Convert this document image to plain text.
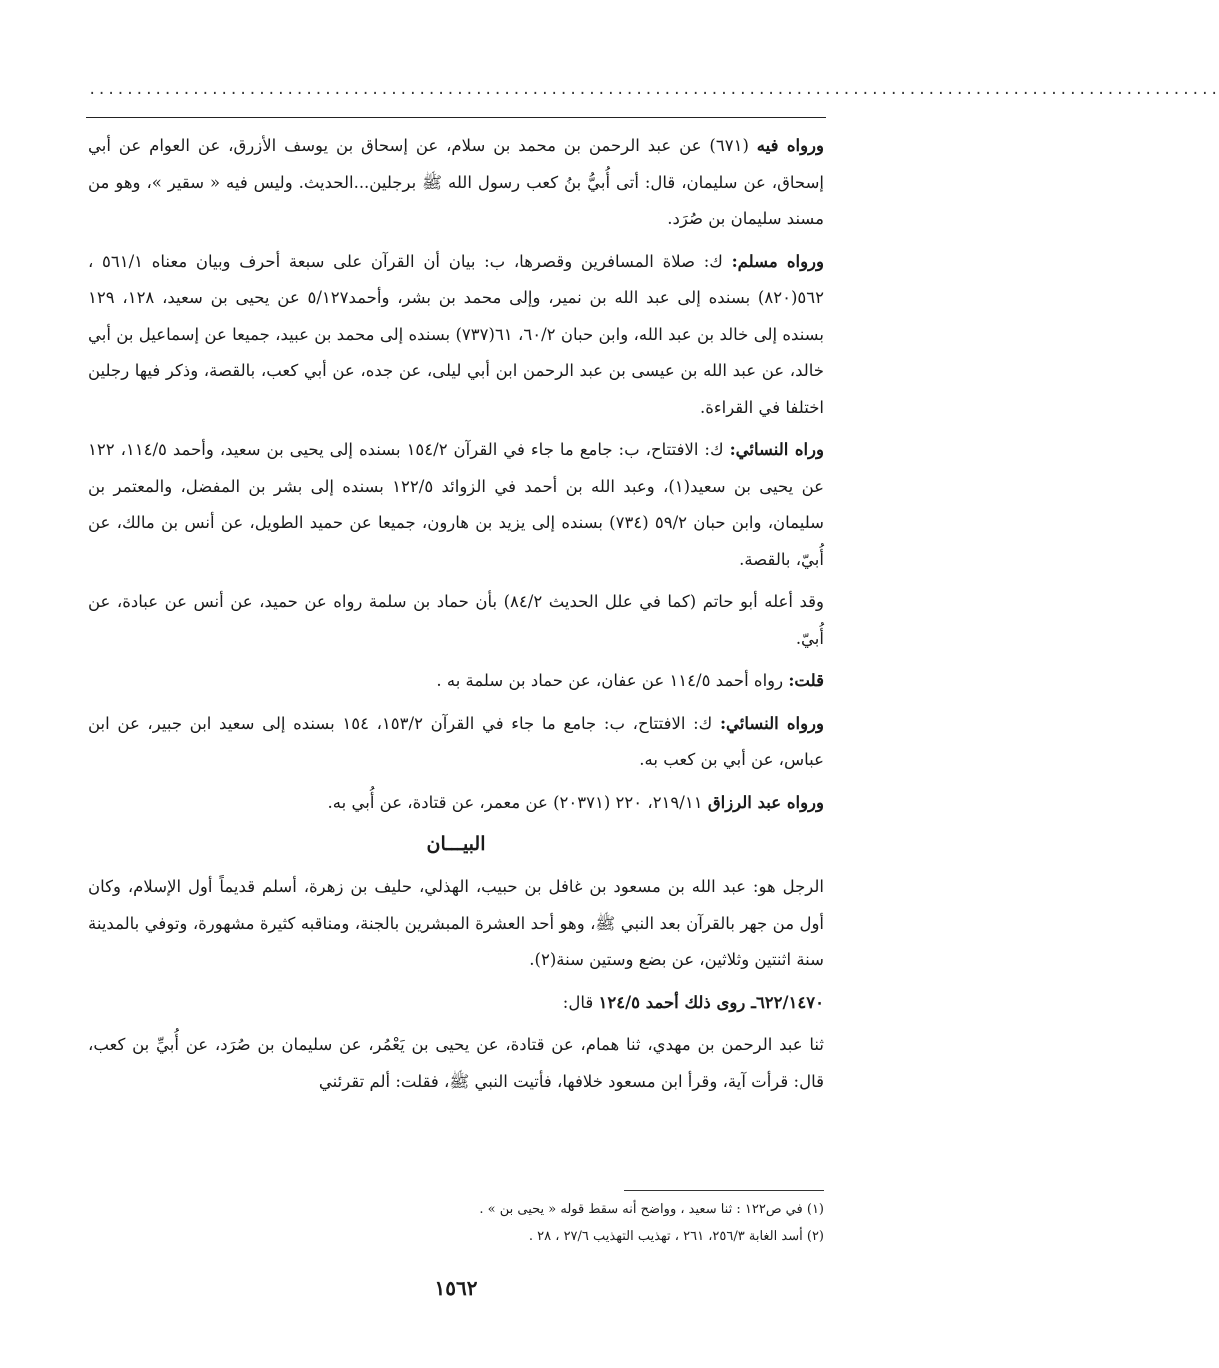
........................................................................................................................

ورواه فيه (٦٧١) عن عبد الرحمن بن محمد بن سلام، عن إسحاق بن يوسف الأزرق، عن العوام عن أبي إسحاق، عن سليمان، قال: أتى أُبيُّ بنُ كعب رسول الله ﷺ برجلين...الحديث. وليس فيه « سقير »، وهو من مسند سليمان بن صُرَد.

ورواه مسلم: ك: صلاة المسافرين وقصرها، ب: بيان أن القرآن على سبعة أحرف وبيان معناه ٥٦١/١ ، ٥٦٢(٨٢٠) بسنده إلى عبد الله بن نمير، وإلى محمد بن بشر، وأحمد٥/١٢٧ عن يحيى بن سعيد، ١٢٨، ١٢٩ بسنده إلى خالد بن عبد الله، وابن حبان ٦٠/٢، ٦١(٧٣٧) بسنده إلى محمد بن عبيد، جميعا عن إسماعيل بن أبي خالد، عن عبد الله بن عيسى بن عبد الرحمن ابن أبي ليلى، عن جده، عن أبي كعب، بالقصة، وذكر فيها رجلين اختلفا في القراءة.

وراه النسائي: ك: الافتتاح، ب: جامع ما جاء في القرآن ١٥٤/٢ بسنده إلى يحيى بن سعيد، وأحمد ١١٤/٥، ١٢٢ عن يحيى بن سعيد(١)، وعبد الله بن أحمد في الزوائد ١٢٢/٥ بسنده إلى بشر بن المفضل، والمعتمر بن سليمان، وابن حبان ٥٩/٢ (٧٣٤) بسنده إلى يزيد بن هارون، جميعا عن حميد الطويل، عن أنس بن مالك، عن أُبيّ، بالقصة.

وقد أعله أبو حاتم (كما في علل الحديث ٨٤/٢) بأن حماد بن سلمة رواه عن حميد، عن أنس عن عبادة، عن أُبيّ.

قلت: رواه أحمد ١١٤/٥ عن عفان، عن حماد بن سلمة به .

ورواه النسائي: ك: الافتتاح، ب: جامع ما جاء في القرآن ١٥٣/٢، ١٥٤ بسنده إلى سعيد ابن جبير، عن ابن عباس، عن أبي بن كعب به.

ورواه عبد الرزاق ٢١٩/١١، ٢٢٠ (٢٠٣٧١) عن معمر، عن قتادة، عن أُبي به.

البيـــان

الرجل هو: عبد الله بن مسعود بن غافل بن حبيب، الهذلي، حليف بن زهرة، أسلم قديماً أول الإسلام، وكان أول من جهر بالقرآن بعد النبي ﷺ، وهو أحد العشرة المبشرين بالجنة، ومناقبه كثيرة مشهورة، وتوفي بالمدينة سنة اثنتين وثلاثين، عن بضع وستين سنة(٢).

٦٢٢/١٤٧٠ـ روى ذلك أحمد ١٢٤/٥ قال:

ثنا عبد الرحمن بن مهدي، ثنا همام، عن قتادة، عن يحيى بن يَعْمُر، عن سليمان بن صُرَد، عن أُبيِّ بن كعب، قال: قرأت آية، وقرأ ابن مسعود خلافها، فأتيت النبي ﷺ، فقلت: ألم تقرئني

(١) في ص١٢٢ : ثنا سعيد ، وواضح أنه سقط قوله « يحيى بن » .

(٢) أسد الغابة ٢٥٦/٣، ٢٦١ ، تهذيب التهذيب ٢٧/٦ ، ٢٨ .

١٥٦٢
